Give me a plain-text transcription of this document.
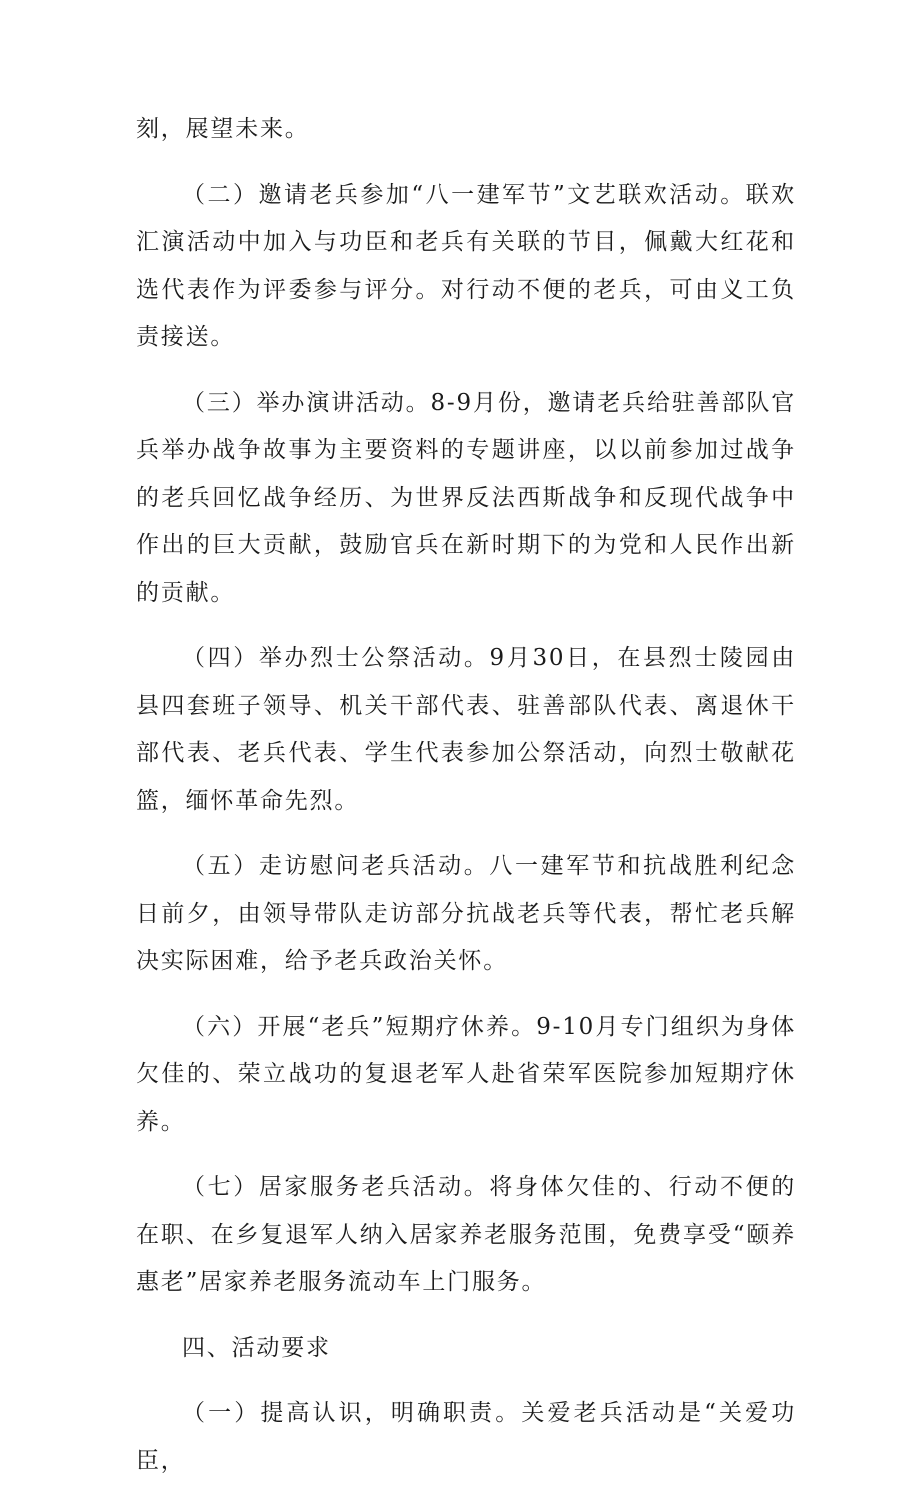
刻，展望未来。

（二）邀请老兵参加“八一建军节”文艺联欢活动。联欢汇演活动中加入与功臣和老兵有关联的节目，佩戴大红花和选代表作为评委参与评分。对行动不便的老兵，可由义工负责接送。

（三）举办演讲活动。8-9月份，邀请老兵给驻善部队官兵举办战争故事为主要资料的专题讲座，以以前参加过战争的老兵回忆战争经历、为世界反法西斯战争和反现代战争中作出的巨大贡献，鼓励官兵在新时期下的为党和人民作出新的贡献。

（四）举办烈士公祭活动。9月30日，在县烈士陵园由县四套班子领导、机关干部代表、驻善部队代表、离退休干部代表、老兵代表、学生代表参加公祭活动，向烈士敬献花篮，缅怀革命先烈。

（五）走访慰问老兵活动。八一建军节和抗战胜利纪念日前夕，由领导带队走访部分抗战老兵等代表，帮忙老兵解决实际困难，给予老兵政治关怀。

（六）开展“老兵”短期疗休养。9-10月专门组织为身体欠佳的、荣立战功的复退老军人赴省荣军医院参加短期疗休养。

（七）居家服务老兵活动。将身体欠佳的、行动不便的在职、在乡复退军人纳入居家养老服务范围，免费享受“颐养惠老”居家养老服务流动车上门服务。

四、活动要求

（一）提高认识，明确职责。关爱老兵活动是“关爱功臣，
